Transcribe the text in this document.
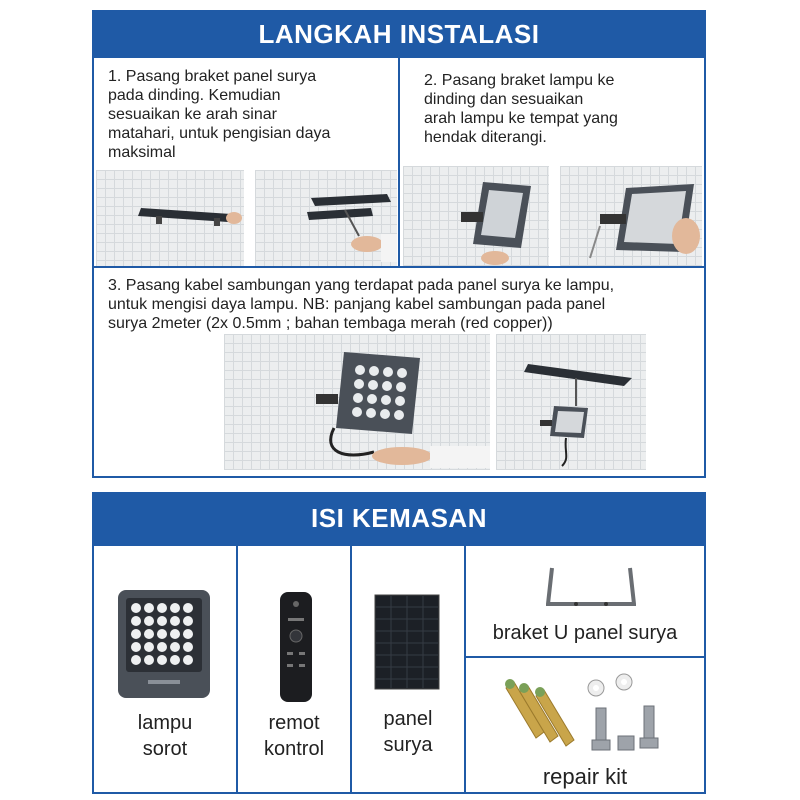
LANGKAH INSTALASI
1. Pasang braket panel surya
pada dinding. Kemudian
sesuaikan ke arah sinar
matahari, untuk pengisian daya
maksimal
2. Pasang braket lampu ke
dinding dan sesuaikan
arah lampu ke tempat yang
hendak diterangi.
3. Pasang kabel sambungan yang terdapat pada panel surya ke lampu,
untuk mengisi daya lampu. NB: panjang kabel sambungan pada panel
surya 2meter (2x 0.5mm ; bahan tembaga merah (red copper))
ISI KEMASAN
lampu
sorot
remot
kontrol
panel
surya
braket U panel surya
repair kit
